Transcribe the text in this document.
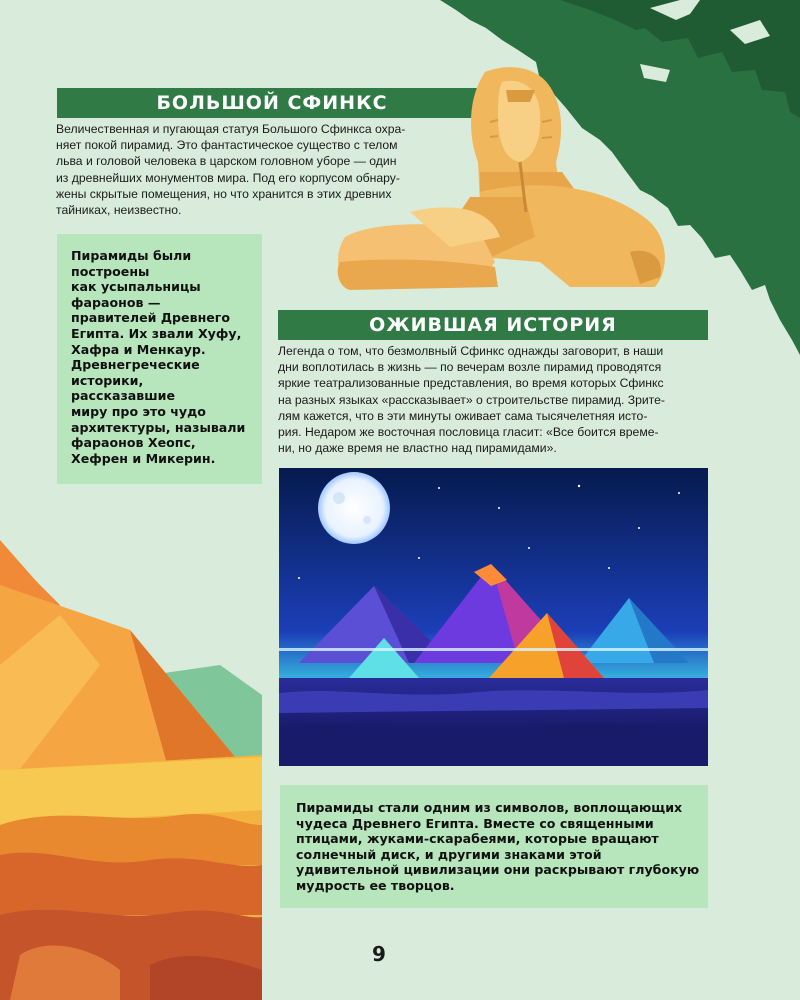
БОЛЬШОЙ СФИНКС
Величественная и пугающая статуя Большого Сфинкса охра-
няет покой пирамид. Это фантастическое существо с телом
льва и головой человека в царском головном уборе — один
из древнейших монументов мира. Под его корпусом обнару-
жены скрытые помещения, но что хранится в этих древних
тайниках, неизвестно.
Пирамиды были
построены
как усыпальницы
фараонов —
правителей Древнего
Египта. Их звали Хуфу,
Хафра и Менкаур.
Древнегреческие
историки,
рассказавшие
миру про это чудо
архитектуры, называли
фараонов Хеопс,
Хефрен и Микерин.
ОЖИВШАЯ ИСТОРИЯ
Легенда о том, что безмолвный Сфинкс однажды заговорит, в наши
дни воплотилась в жизнь — по вечерам возле пирамид проводятся
яркие театрализованные представления, во время которых Сфинкс
на разных языках «рассказывает» о строительстве пирамид. Зрите-
лям кажется, что в эти минуты оживает сама тысячелетняя исто-
рия. Недаром же восточная пословица гласит: «Все боится време-
ни, но даже время не властно над пирамидами».
Пирамиды стали одним из символов, воплощающих
чудеса Древнего Египта. Вместе со священными
птицами, жуками-скарабеями, которые вращают
солнечный диск, и другими знаками этой
удивительной цивилизации они раскрывают глубокую
мудрость ее творцов.
9
